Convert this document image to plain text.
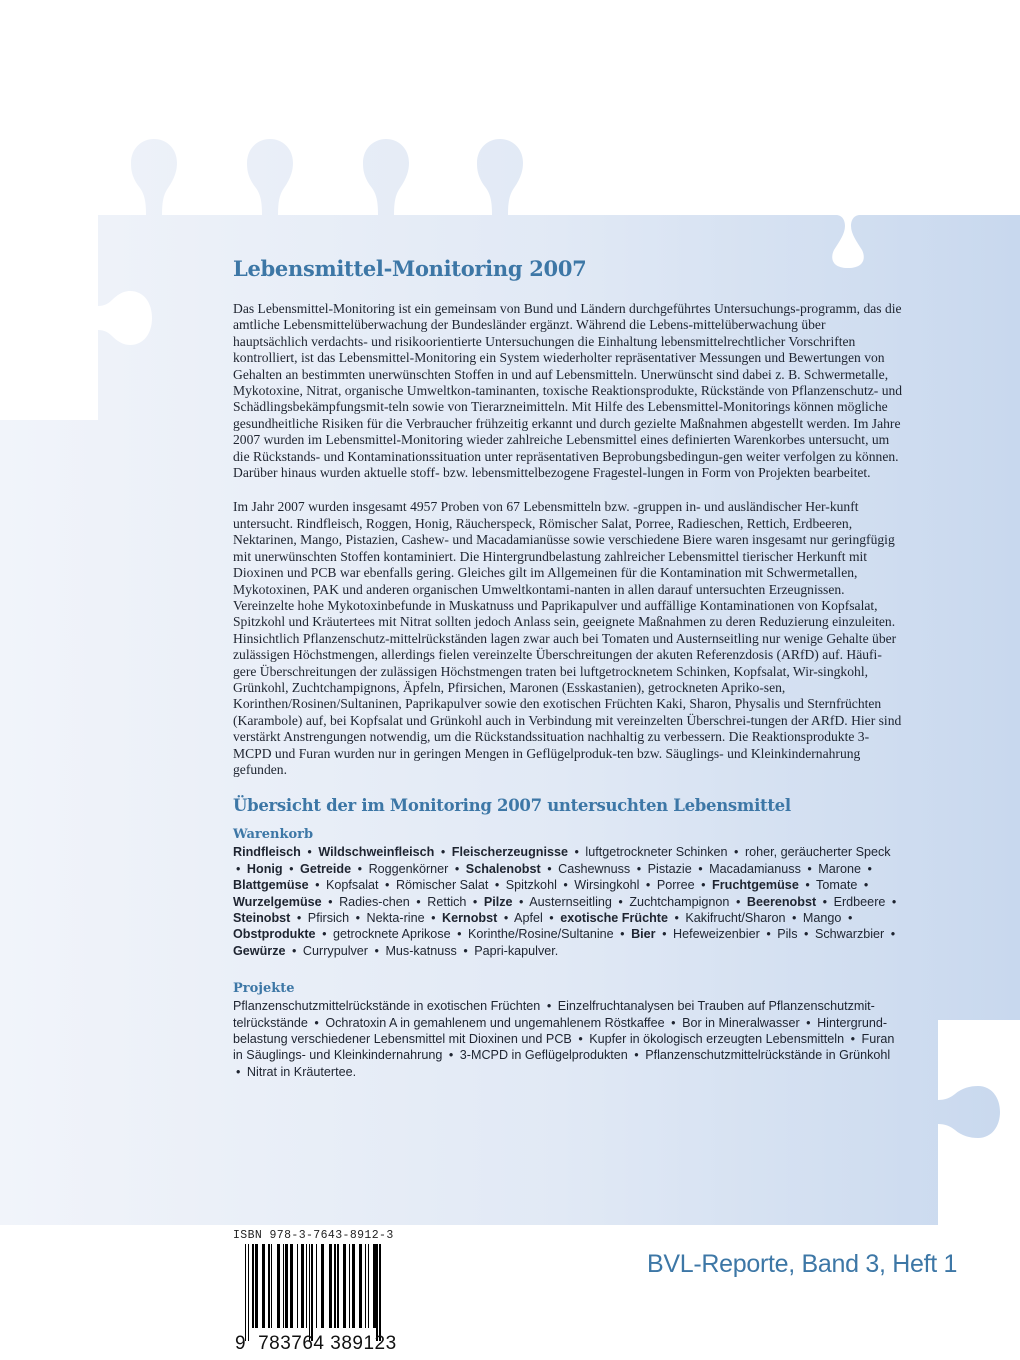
Lebensmittel-Monitoring 2007

Das Lebensmittel-Monitoring ist ein gemeinsam von Bund und Ländern durchgeführtes Untersuchungs-programm, das die amtliche Lebensmittelüberwachung der Bundesländer ergänzt. Während die Lebens-mittelüberwachung über hauptsächlich verdachts- und risikoorientierte Untersuchungen die Einhaltung lebensmittelrechtlicher Vorschriften kontrolliert, ist das Lebensmittel-Monitoring ein System wiederholter repräsentativer Messungen und Bewertungen von Gehalten an bestimmten unerwünschten Stoffen in und auf Lebensmitteln. Unerwünscht sind dabei z. B. Schwermetalle, Mykotoxine, Nitrat, organische Umweltkon-taminanten, toxische Reaktionsprodukte, Rückstände von Pflanzenschutz- und Schädlingsbekämpfungsmit-teln sowie von Tierarzneimitteln. Mit Hilfe des Lebensmittel-Monitorings können mögliche gesundheitliche Risiken für die Verbraucher frühzeitig erkannt und durch gezielte Maßnahmen abgestellt werden. Im Jahre 2007 wurden im Lebensmittel-Monitoring wieder zahlreiche Lebensmittel eines definierten Warenkorbes untersucht, um die Rückstands- und Kontaminationssituation unter repräsentativen Beprobungsbedingun-gen weiter verfolgen zu können. Darüber hinaus wurden aktuelle stoff- bzw. lebensmittelbezogene Fragestel-lungen in Form von Projekten bearbeitet.

Im Jahr 2007 wurden insgesamt 4957 Proben von 67 Lebensmitteln bzw. -gruppen in- und ausländischer Her-kunft untersucht. Rindfleisch, Roggen, Honig, Räucherspeck, Römischer Salat, Porree, Radieschen, Rettich, Erdbeeren, Nektarinen, Mango, Pistazien, Cashew- und Macadamianüsse sowie verschiedene Biere waren insgesamt nur geringfügig mit unerwünschten Stoffen kontaminiert. Die Hintergrundbelastung zahlreicher Lebensmittel tierischer Herkunft mit Dioxinen und PCB war ebenfalls gering. Gleiches gilt im Allgemeinen für die Kontamination mit Schwermetallen, Mykotoxinen, PAK und anderen organischen Umweltkontami-nanten in allen darauf untersuchten Erzeugnissen. Vereinzelte hohe Mykotoxinbefunde in Muskatnuss und Paprikapulver und auffällige Kontaminationen von Kopfsalat, Spitzkohl und Kräutertees mit Nitrat sollten jedoch Anlass sein, geeignete Maßnahmen zu deren Reduzierung einzuleiten. Hinsichtlich Pflanzenschutz-mittelrückständen lagen zwar auch bei Tomaten und Austernseitling nur wenige Gehalte über zulässigen Höchstmengen, allerdings fielen vereinzelte Überschreitungen der akuten Referenzdosis (ARfD) auf. Häufi-gere Überschreitungen der zulässigen Höchstmengen traten bei luftgetrocknetem Schinken, Kopfsalat, Wir-singkohl, Grünkohl, Zuchtchampignons, Äpfeln, Pfirsichen, Maronen (Esskastanien), getrockneten Apriko-sen, Korinthen/Rosinen/Sultaninen, Paprikapulver sowie den exotischen Früchten Kaki, Sharon, Physalis und Sternfrüchten (Karambole) auf, bei Kopfsalat und Grünkohl auch in Verbindung mit vereinzelten Überschrei-tungen der ARfD. Hier sind verstärkt Anstrengungen notwendig, um die Rückstandssituation nachhaltig zu verbessern. Die Reaktionsprodukte 3-MCPD und Furan wurden nur in geringen Mengen in Geflügelproduk-ten bzw. Säuglings- und Kleinkindernahrung gefunden.

Übersicht der im Monitoring 2007 untersuchten Lebensmittel
Warenkorb
Rindfleisch • Wildschweinfleisch • Fleischerzeugnisse • luftgetrockneter Schinken • roher, geräucherter Speck • Honig • Getreide • Roggenkörner • Schalenobst • Cashewnuss • Pistazie • Macadamianuss • Marone • Blattgemüse • Kopfsalat • Römischer Salat • Spitzkohl • Wirsingkohl • Porree • Fruchtgemüse • Tomate • Wurzelgemüse • Radies-chen • Rettich • Pilze • Austernseitling • Zuchtchampignon • Beerenobst • Erdbeere • Steinobst • Pfirsich • Nekta-rine • Kernobst • Apfel • exotische Früchte • Kakifrucht/Sharon • Mango • Obstprodukte • getrocknete Aprikose • Korinthe/Rosine/Sultanine • Bier • Hefeweizenbier • Pils • Schwarzbier • Gewürze • Currypulver • Mus-katnuss • Papri-kapulver.
Projekte
Pflanzenschutzmittelrückstände in exotischen Früchten • Einzelfruchtanalysen bei Trauben auf Pflanzenschutzmit-telrückstände • Ochratoxin A in gemahlenem und ungemahlenem Röstkaffee • Bor in Mineralwasser • Hintergrund-belastung verschiedener Lebensmittel mit Dioxinen und PCB • Kupfer in ökologisch erzeugten Lebensmitteln • Furan in Säuglings- und Kleinkindernahrung • 3-MCPD in Geflügelprodukten • Pflanzenschutzmittelrückstände in Grünkohl • Nitrat in Kräutertee.
ISBN 978-3-7643-8912-3
9 783764 389123
BVL-Reporte, Band 3, Heft 1
